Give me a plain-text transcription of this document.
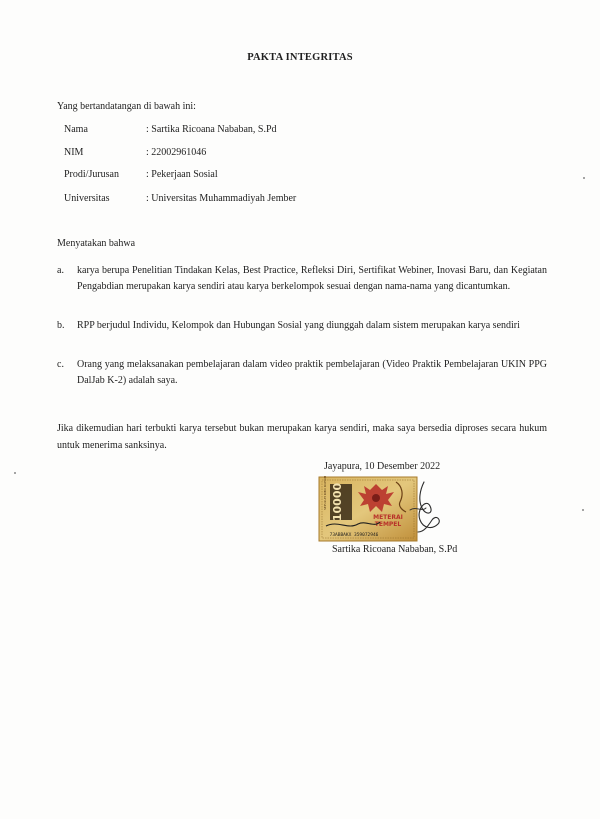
PAKTA INTEGRITAS
Yang bertandatangan di bawah ini:
Nama	: Sartika Ricoana Nababan, S.Pd
NIM	: 22002961046
Prodi/Jurusan	: Pekerjaan Sosial
Universitas	: Universitas Muhammadiyah Jember
Menyatakan bahwa
a. karya berupa Penelitian Tindakan Kelas, Best Practice, Refleksi Diri, Sertifikat Webiner, Inovasi Baru, dan Kegiatan Pengabdian merupakan karya sendiri atau karya berkelompok sesuai dengan nama-nama yang dicantumkan.
b. RPP berjudul Individu, Kelompok dan Hubungan Sosial yang diunggah dalam sistem merupakan karya sendiri
c. Orang yang melaksanakan pembelajaran dalam video praktik pembelajaran (Video Praktik Pembelajaran UKIN PPG DalJab K-2) adalah saya.
Jika dikemudian hari terbukti karya tersebut bukan merupakan karya sendiri, maka saya bersedia diproses secara hukum untuk menerima sanksinya.
Jayapura, 10 Desember 2022
10000
SEPULUH RIBU RUPIAH
METERAI
TEMPEL
73ABBAKX 359072946
Sartika Ricoana Nababan, S.Pd
